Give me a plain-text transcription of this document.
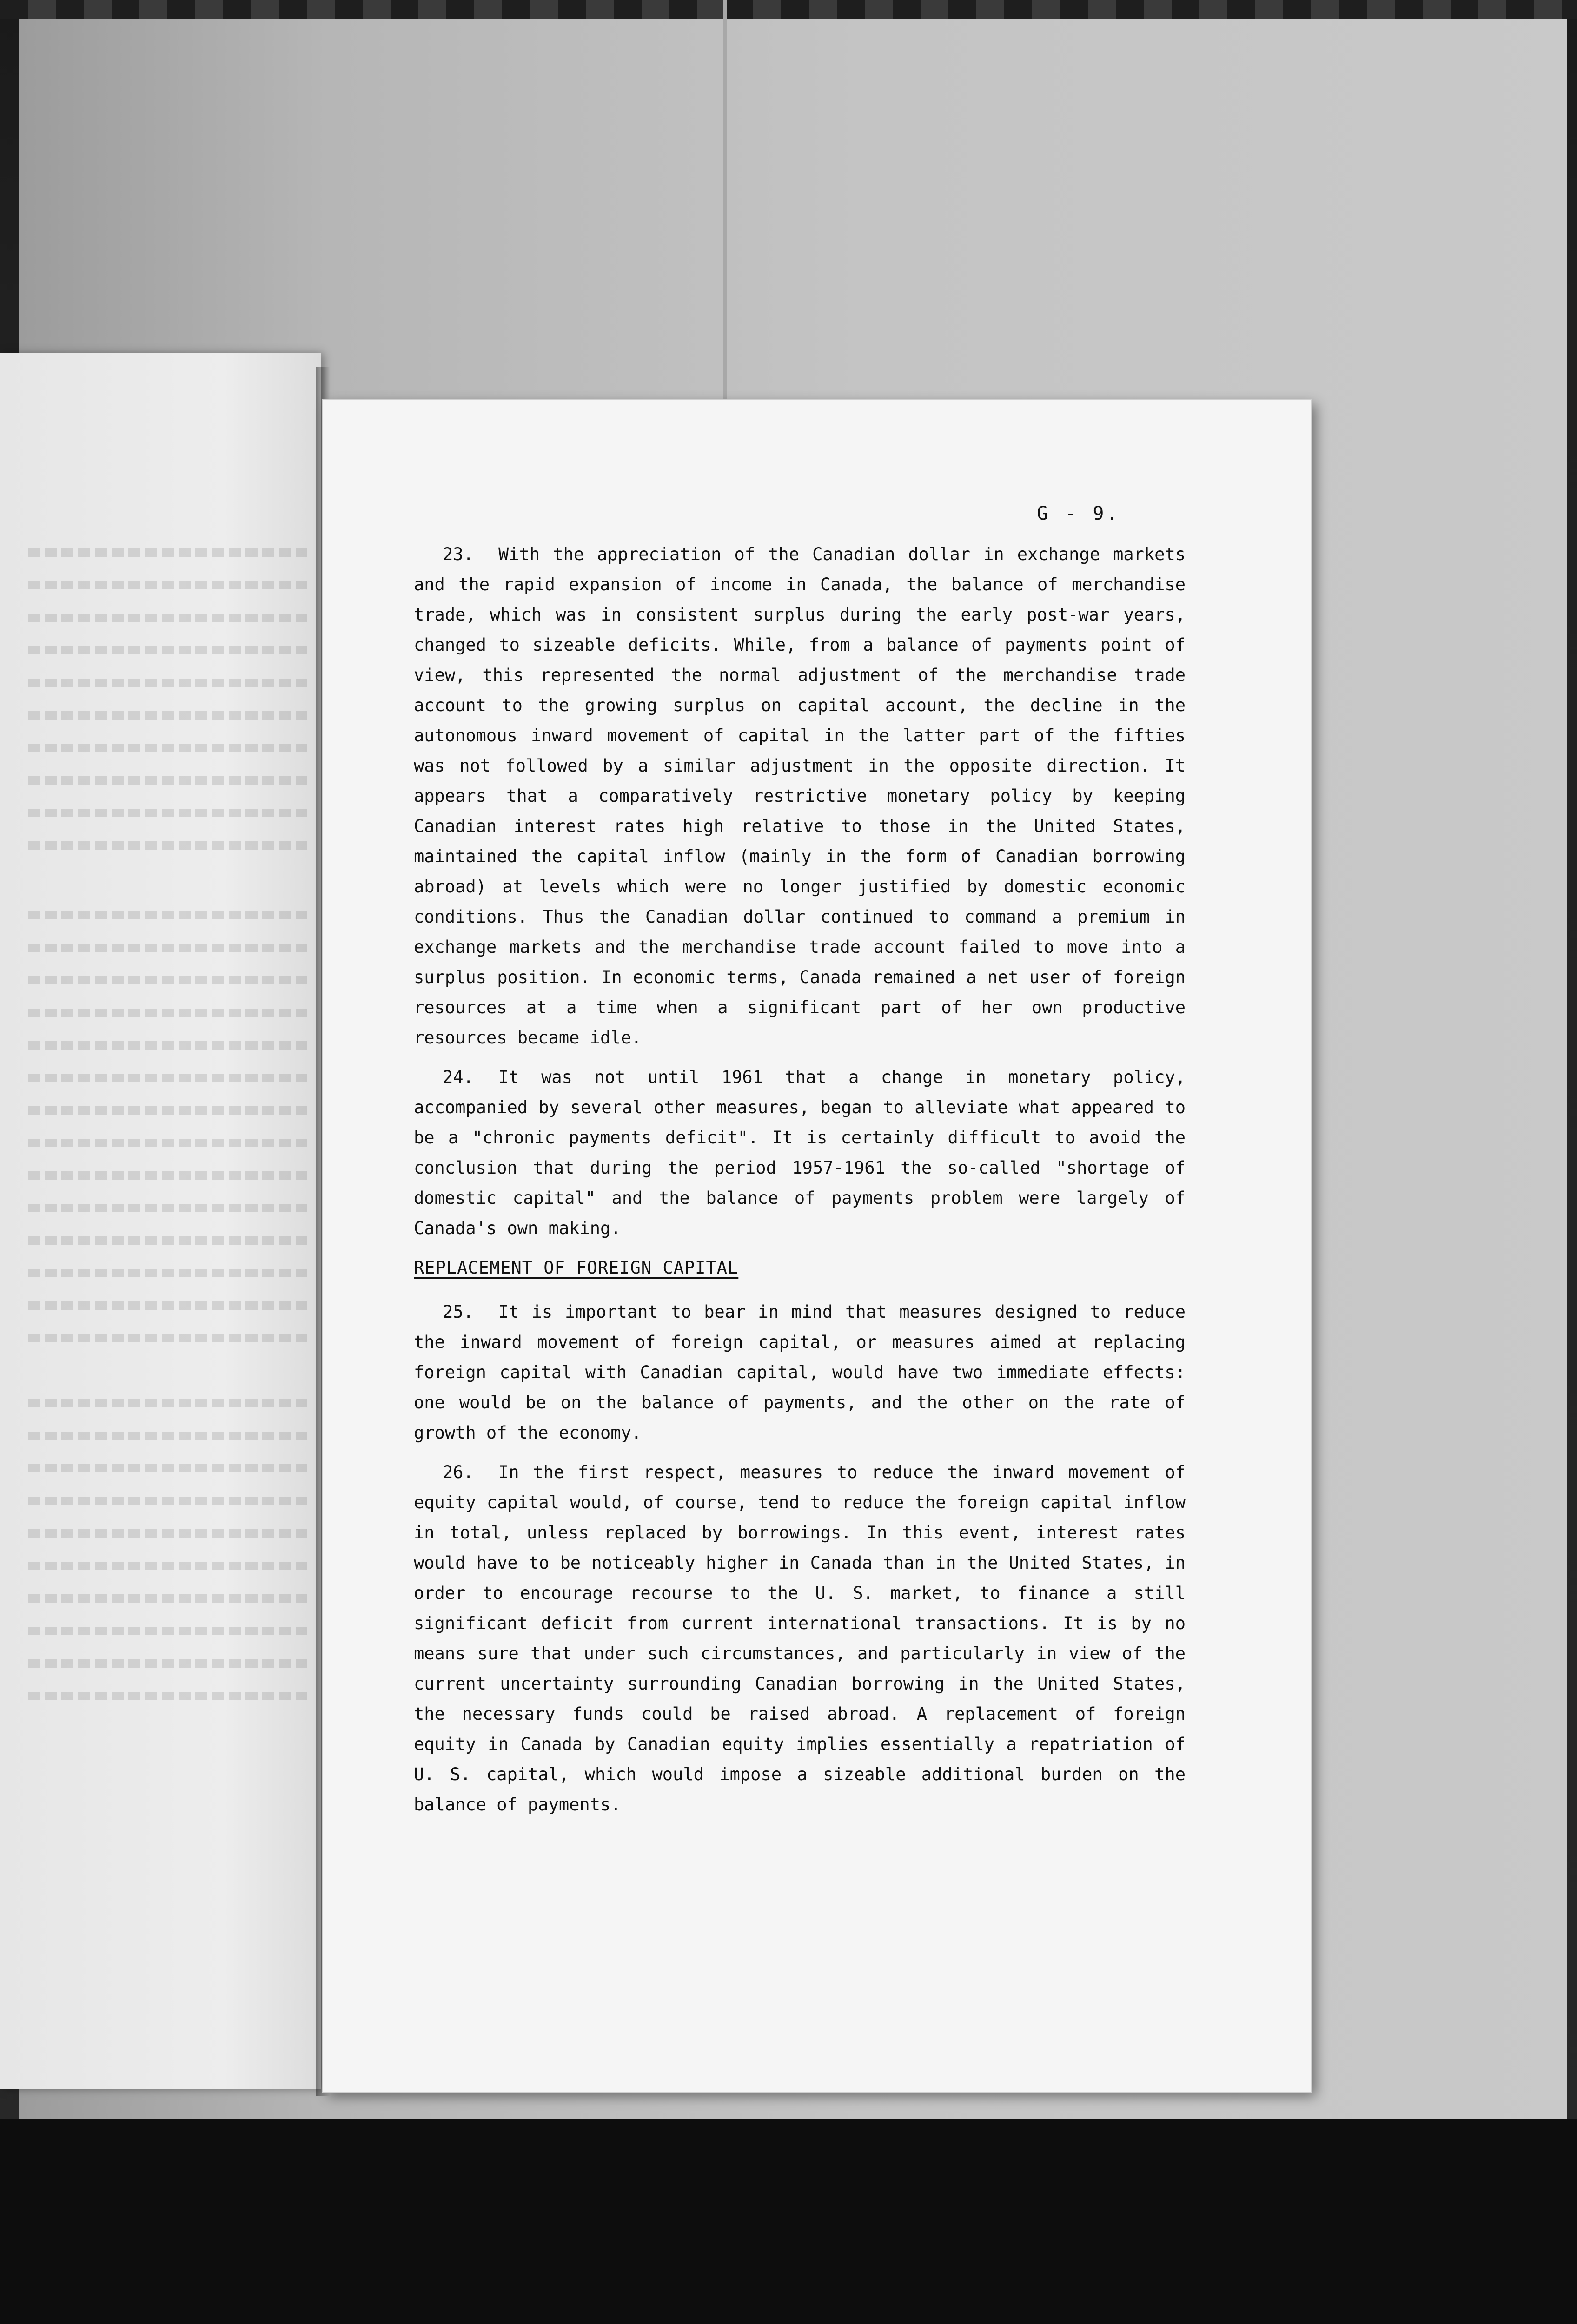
G - 9.

23. With the appreciation of the Canadian dollar in exchange markets and the rapid expansion of income in Canada, the balance of merchandise trade, which was in consistent surplus during the early post-war years, changed to sizeable deficits. While, from a balance of payments point of view, this represented the normal adjustment of the merchandise trade account to the growing surplus on capital account, the decline in the autonomous inward movement of capital in the latter part of the fifties was not followed by a similar adjustment in the opposite direction. It appears that a comparatively restrictive monetary policy by keeping Canadian interest rates high relative to those in the United States, maintained the capital inflow (mainly in the form of Canadian borrowing abroad) at levels which were no longer justified by domestic economic conditions. Thus the Canadian dollar continued to command a premium in exchange markets and the merchandise trade account failed to move into a surplus position. In economic terms, Canada remained a net user of foreign resources at a time when a significant part of her own productive resources became idle.

24. It was not until 1961 that a change in monetary policy, accompanied by several other measures, began to alleviate what appeared to be a "chronic payments deficit". It is certainly difficult to avoid the conclusion that during the period 1957-1961 the so-called "shortage of domestic capital" and the balance of payments problem were largely of Canada's own making.

REPLACEMENT OF FOREIGN CAPITAL

25. It is important to bear in mind that measures designed to reduce the inward movement of foreign capital, or measures aimed at replacing foreign capital with Canadian capital, would have two immediate effects: one would be on the balance of payments, and the other on the rate of growth of the economy.

26. In the first respect, measures to reduce the inward movement of equity capital would, of course, tend to reduce the foreign capital inflow in total, unless replaced by borrowings. In this event, interest rates would have to be noticeably higher in Canada than in the United States, in order to encourage recourse to the U. S. market, to finance a still significant deficit from current international transactions. It is by no means sure that under such circumstances, and particularly in view of the current uncertainty surrounding Canadian borrowing in the United States, the necessary funds could be raised abroad. A replacement of foreign equity in Canada by Canadian equity implies essentially a repatriation of U. S. capital, which would impose a sizeable additional burden on the balance of payments.
